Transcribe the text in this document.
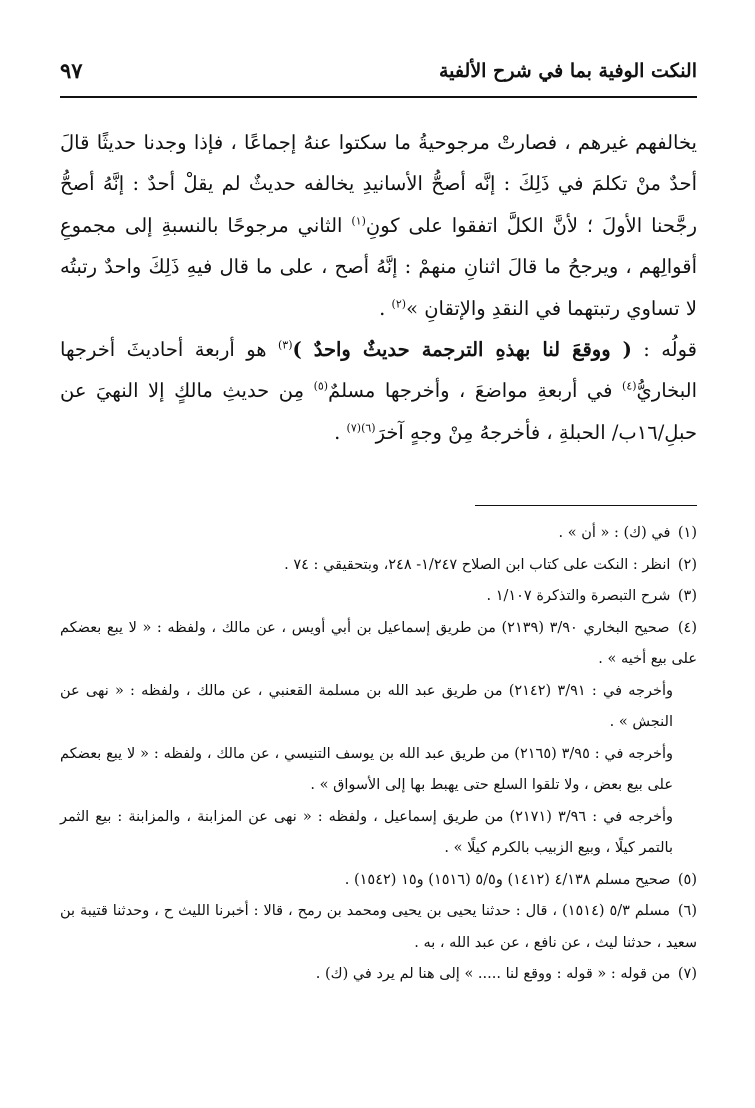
النكت الوفية بما في شرح الألفية
٩٧

يخالفهم غيرهم ، فصارتْ مرجوحيةُ ما سكتوا عنهُ إجماعًا ، فإذا وجدنا حديثًا قالَ أحدٌ منْ تكلمَ في ذَلِكَ : إنَّه أصحُّ الأسانيدِ يخالفه حديثٌ لم يقلْ أحدٌ : إنَّهُ أصحُّ رجَّحنا الأولَ ؛ لأنَّ الكلَّ اتفقوا على كونِ$^{(١)}$ الثاني مرجوحًا بالنسبةِ إلى مجموعِ أقوالِهم ، ويرجحُ ما قالَ اثنانِ منهمْ : إنَّهُ أصح ، على ما قال فيهِ ذَلِكَ واحدٌ رتبتُه لا تساوي رتبتهما في النقدِ والإتقانِ »$^{(٢)}$ .

قولُه : ( ووقعَ لنا بهذهِ الترجمة حديثٌ واحدٌ )$^{(٣)}$ هو أربعة أحاديثَ أخرجها البخاريُّ$^{(٤)}$ في أربعةِ مواضعَ ، وأخرجها مسلمٌ$^{(٥)}$ مِن حديثِ مالكٍ إلا النهيَ عن حبلِ/١٦ب/ الحبلةِ ، فأخرجهُ مِنْ وجهٍ آخرَ$^{(٦)(٧)}$ .

(١) في (ك) : « أن » .

(٢) انظر : النكت على كتاب ابن الصلاح ١/٢٤٧- ٢٤٨، وبتحقيقي : ٧٤ .

(٣) شرح التبصرة والتذكرة ١/١٠٧ .

(٤) صحيح البخاري ٣/٩٠ (٢١٣٩) من طريق إسماعيل بن أبي أويس ، عن مالك ، ولفظه : « لا يبع بعضكم على بيع أخيه » .

وأخرجه في : ٣/٩١ (٢١٤٢) من طريق عبد الله بن مسلمة القعنبي ، عن مالك ، ولفظه : « نهى عن النجش » .

وأخرجه في : ٣/٩٥ (٢١٦٥) من طريق عبد الله بن يوسف التنيسي ، عن مالك ، ولفظه : « لا يبع بعضكم على بيع بعض ، ولا تلقوا السلع حتى يهبط بها إلى الأسواق » .

وأخرجه في : ٣/٩٦ (٢١٧١) من طريق إسماعيل ، ولفظه : « نهى عن المزابنة ، والمزابنة : بيع الثمر بالتمر كيلًا ، وبيع الزبيب بالكرم كيلًا » .

(٥) صحيح مسلم ٤/١٣٨ (١٤١٢) و٥/٥ (١٥١٦) و١٥ (١٥٤٢) .

(٦) مسلم ٥/٣ (١٥١٤) ، قال : حدثنا يحيى بن يحيى ومحمد بن رمح ، قالا : أخبرنا الليث ح ، وحدثنا قتيبة بن سعيد ، حدثنا ليث ، عن نافع ، عن عبد الله ، به .

(٧) من قوله : « قوله : ووقع لنا ..... » إلى هنا لم يرد في (ك) .
